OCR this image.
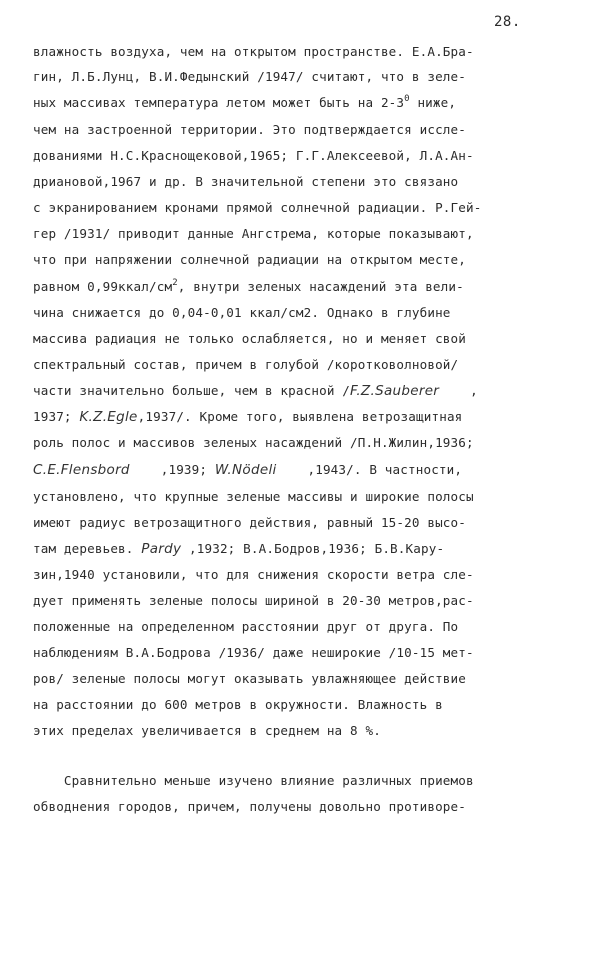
28.
влажность воздуха, чем на открытом пространстве. Е.А.Бра-
гин, Л.Б.Лунц, В.И.Федынский /1947/ считают, что в зеле-
ных массивах температура летом может быть на $2-3^0$ ниже,
чем на застроенной территории. Это подтверждается иссле-
дованиями Н.С.Краснощековой,1965; Г.Г.Алексеевой, Л.А.Ан-
дриановой,1967 и др. В значительной степени это связано
с экранированием кронами прямой солнечной радиации. Р.Гей-
гер /1931/ приводит данные Ангстрема, которые показывают,
что при напряжении солнечной радиации на открытом месте,
равном $0,99ккал/см^2$, внутри зеленых насаждений эта вели-
чина снижается до 0,04-0,01 ккал/см2. Однако в глубине
массива радиация не только ослабляется, но и меняет свой
спектральный состав, причем в голубой /коротковолновой/
части значительно больше, чем в красной /F.Z.Sauberer    ,
1937; K.Z.Egle,1937/. Кроме того, выявлена ветрозащитная
роль полос и массивов зеленых насаждений /П.Н.Жилин,1936;
C.E.Flensbord    ,1939; W.Nödeli    ,1943/. В частности,
установлено, что крупные зеленые массивы и широкие полосы
имеют радиус ветрозащитного действия, равный 15-20 высо-
там деревьев. Pardy ,1932; В.А.Бодров,1936; Б.В.Кару-
зин,1940 установили, что для снижения скорости ветра сле-
дует применять зеленые полосы шириной в 20-30 метров,рас-
положенные на определенном расстоянии друг от друга. По
наблюдениям В.А.Бодрова /1936/ даже неширокие /10-15 мет-
ров/ зеленые полосы могут оказывать увлажняющее действие
на расстоянии до 600 метров в окружности. Влажность в
этих пределах увеличивается в среднем на 8 %.
Сравнительно меньше изучено влияние различных приемов
обводнения городов, причем, получены довольно противоре-
